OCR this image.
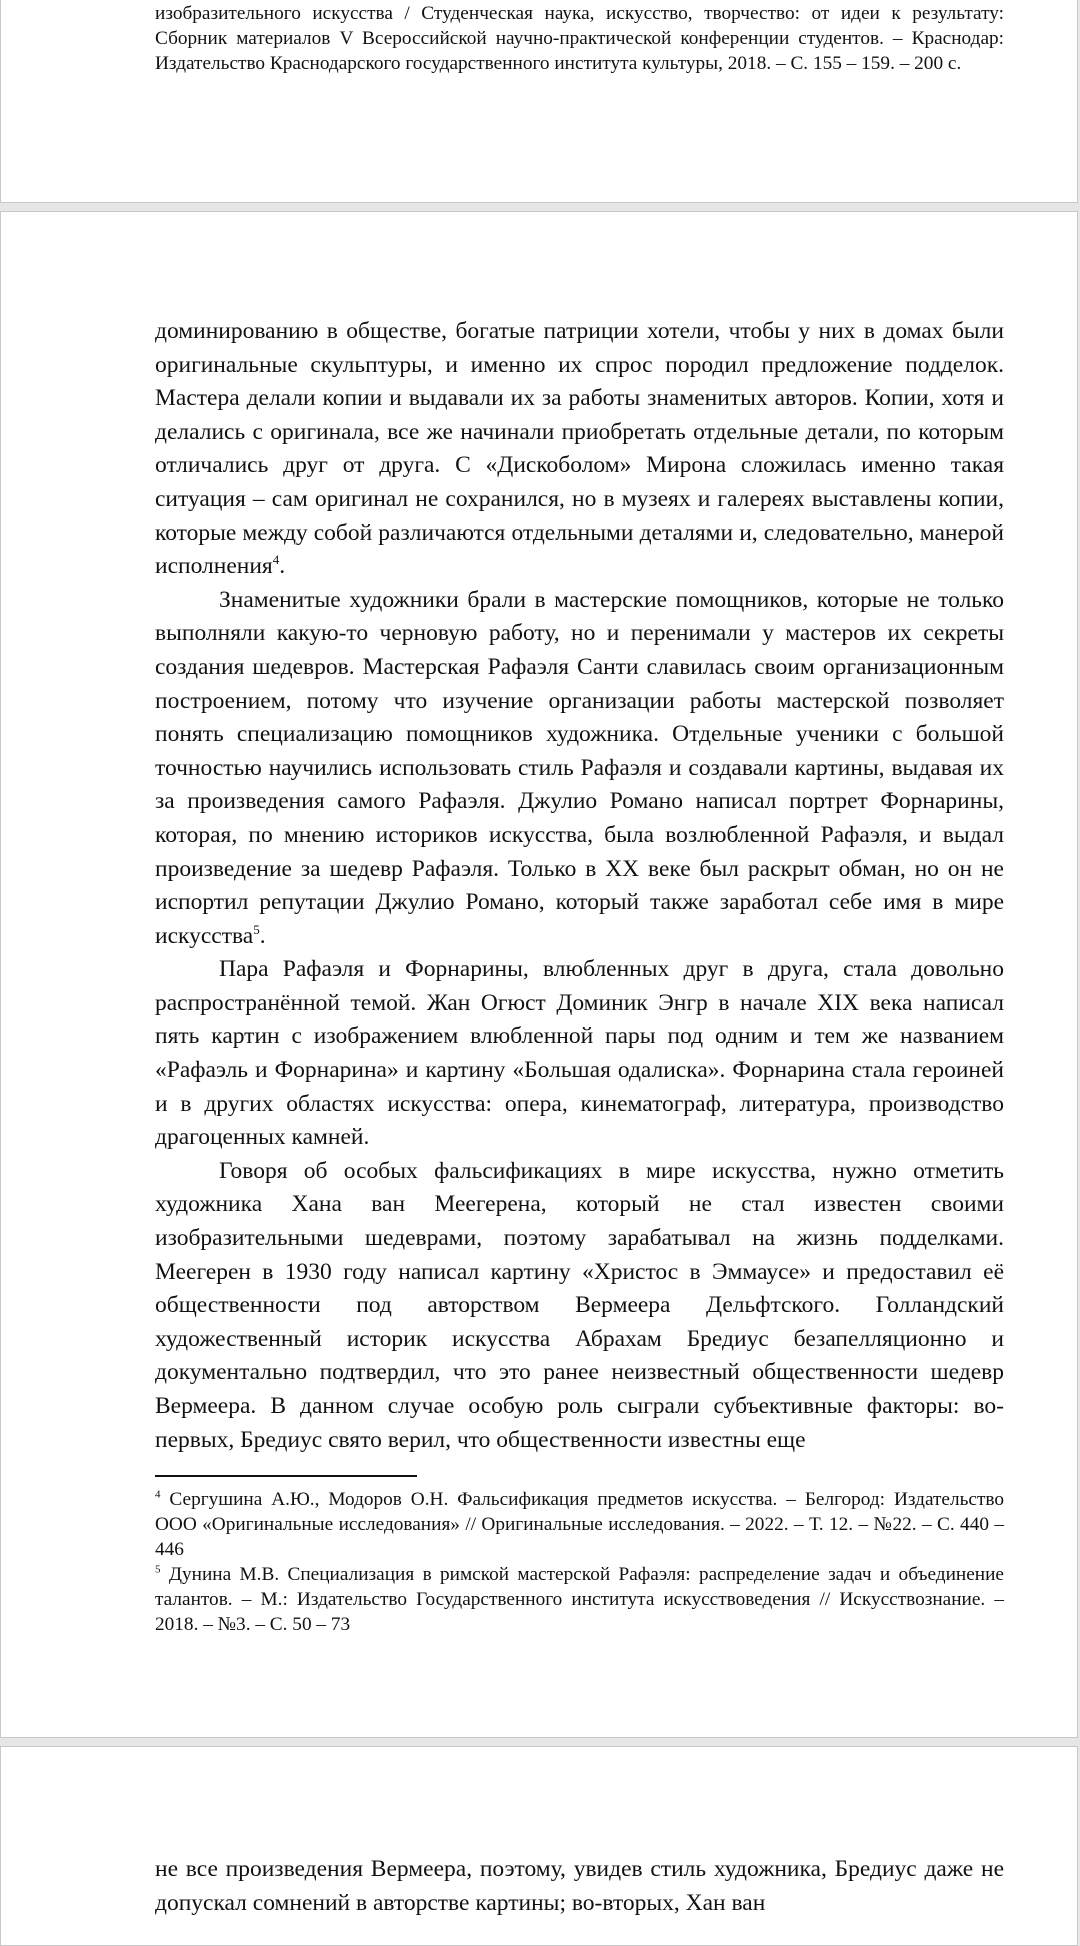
изобразительного искусства / Студенческая наука, искусство, творчество: от идеи к результату: Сборник материалов V Всероссийской научно-практической конференции студентов. – Краснодар: Издательство Краснодарского государственного института культуры, 2018. – С. 155 – 159. – 200 с.

доминированию в обществе, богатые патриции хотели, чтобы у них в домах были оригинальные скульптуры, и именно их спрос породил предложение подделок. Мастера делали копии и выдавали их за работы знаменитых авторов. Копии, хотя и делались с оригинала, все же начинали приобретать отдельные детали, по которым отличались друг от друга. С «Дискоболом» Мирона сложилась именно такая ситуация – сам оригинал не сохранился, но в музеях и галереях выставлены копии, которые между собой различаются отдельными деталями и, следовательно, манерой исполнения$^4$.

Знаменитые художники брали в мастерские помощников, которые не только выполняли какую-то черновую работу, но и перенимали у мастеров их секреты создания шедевров. Мастерская Рафаэля Санти славилась своим организационным построением, потому что изучение организации работы мастерской позволяет понять специализацию помощников художника. Отдельные ученики с большой точностью научились использовать стиль Рафаэля и создавали картины, выдавая их за произведения самого Рафаэля. Джулио Романо написал портрет Форнарины, которая, по мнению историков искусства, была возлюбленной Рафаэля, и выдал произведение за шедевр Рафаэля. Только в XX веке был раскрыт обман, но он не испортил репутации Джулио Романо, который также заработал себе имя в мире искусства$^5$.

Пара Рафаэля и Форнарины, влюбленных друг в друга, стала довольно распространённой темой. Жан Огюст Доминик Энгр в начале XIX века написал пять картин с изображением влюбленной пары под одним и тем же названием «Рафаэль и Форнарина» и картину «Большая одалиска». Форнарина стала героиней и в других областях искусства: опера, кинематограф, литература, производство драгоценных камней.

Говоря об особых фальсификациях в мире искусства, нужно отметить художника Хана ван Меегерена, который не стал известен своими изобразительными шедеврами, поэтому зарабатывал на жизнь подделками. Меегерен в 1930 году написал картину «Христос в Эммаусе» и предоставил её общественности под авторством Вермеера Дельфтского. Голландский художественный историк искусства Абрахам Бредиус безапелляционно и документально подтвердил, что это ранее неизвестный общественности шедевр Вермеера. В данном случае особую роль сыграли субъективные факторы: во-первых, Бредиус свято верил, что общественности известны еще

$^4$ Сергушина А.Ю., Модоров О.Н. Фальсификация предметов искусства. – Белгород: Издательство ООО «Оригинальные исследования» // Оригинальные исследования. – 2022. – Т. 12. – №22. – С. 440 – 446

$^5$ Дунина М.В. Специализация в римской мастерской Рафаэля: распределение задач и объединение талантов. – М.: Издательство Государственного института искусствоведения // Искусствознание. – 2018. – №3. – С. 50 – 73

не все произведения Вермеера, поэтому, увидев стиль художника, Бредиус даже не допускал сомнений в авторстве картины; во-вторых, Хан ван
